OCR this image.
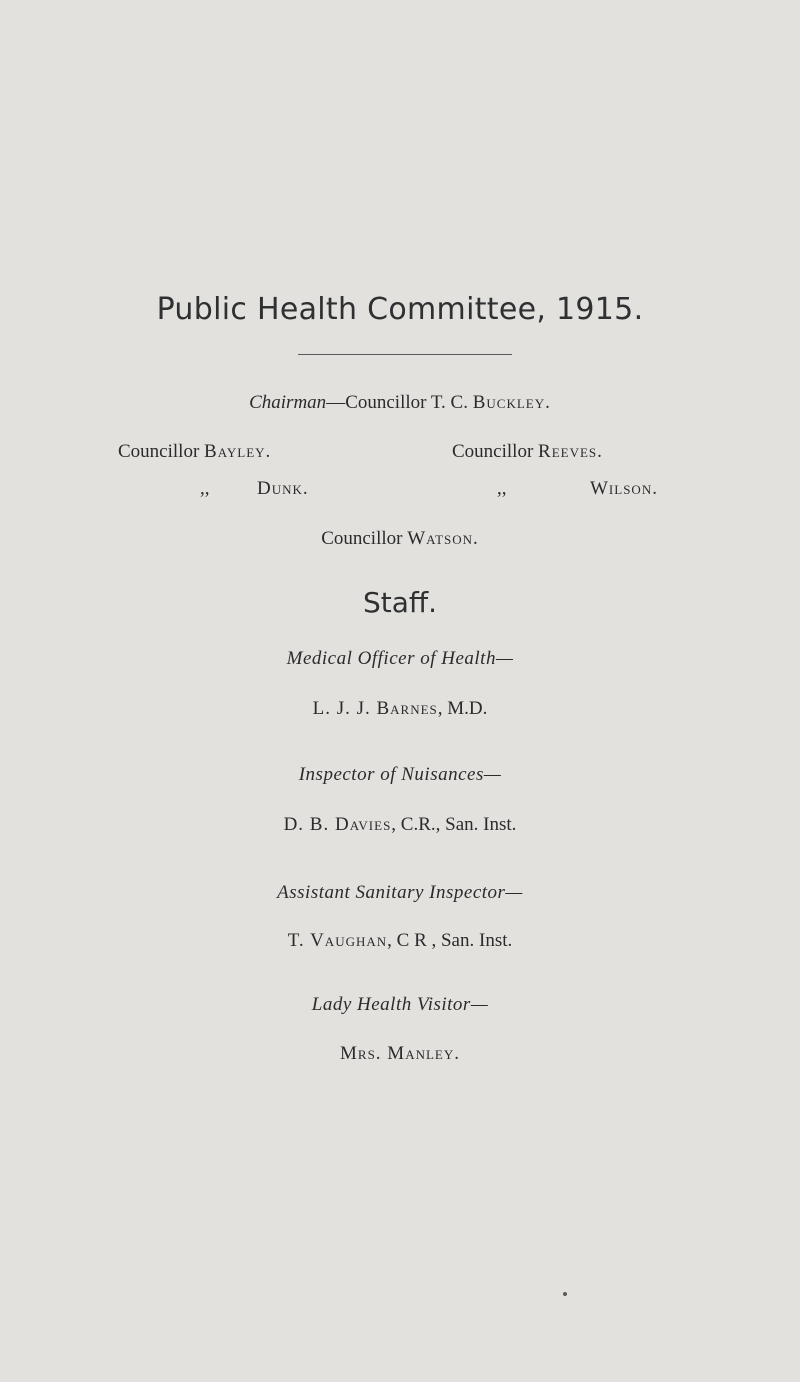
Public Health Committee, 1915.
Chairman—Councillor T. C. Buckley.
Councillor Bayley.	Councillor Reeves.
,,	Dunk.	,,	Wilson.
Councillor Watson.
Staff.
Medical Officer of Health—
L. J. J. Barnes, M.D.
Inspector of Nuisances—
D. B. Davies, C.R., San. Inst.
Assistant Sanitary Inspector—
T. Vaughan, C R , San. Inst.
Lady Health Visitor—
Mrs. Manley.
